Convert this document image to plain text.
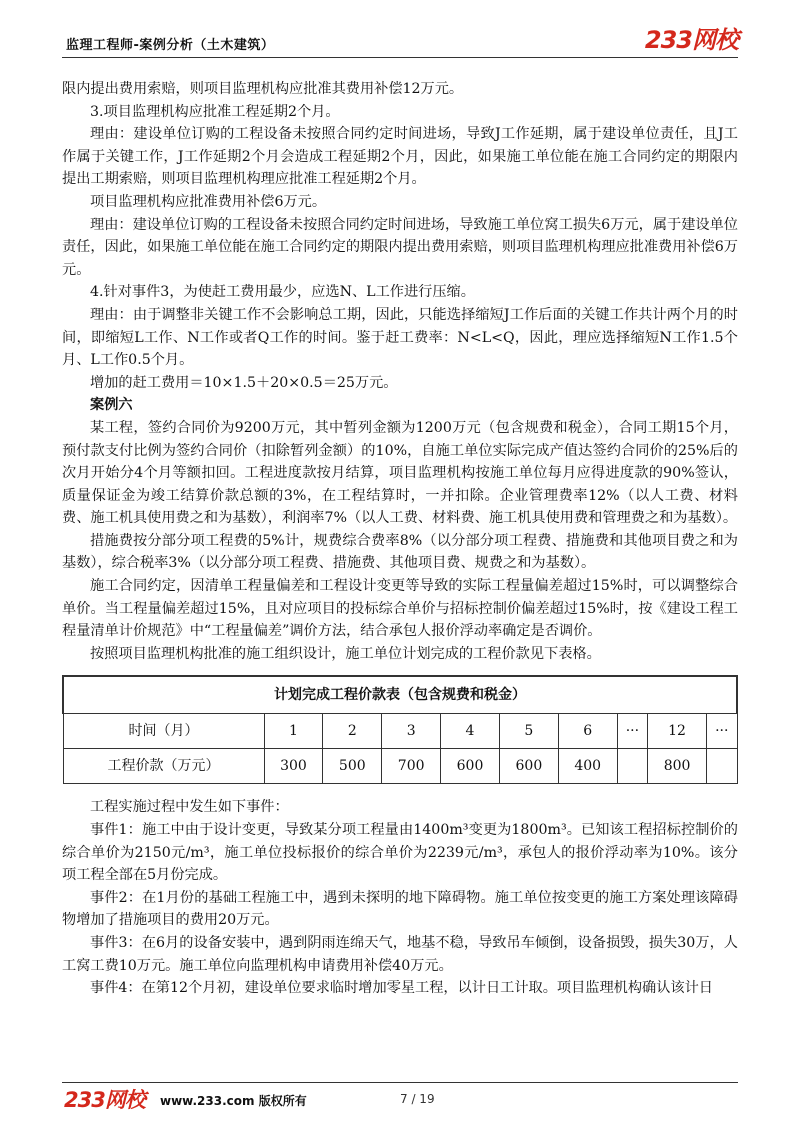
监理工程师-案例分析（土木建筑）	233网校

限内提出费用索赔，则项目监理机构应批准其费用补偿12万元。

3.项目监理机构应批准工程延期2个月。

理由：建设单位订购的工程设备未按照合同约定时间进场，导致J工作延期，属于建设单位责任，且J工作属于关键工作，J工作延期2个月会造成工程延期2个月，因此，如果施工单位能在施工合同约定的期限内提出工期索赔，则项目监理机构理应批准工程延期2个月。

项目监理机构应批准费用补偿6万元。

理由：建设单位订购的工程设备未按照合同约定时间进场，导致施工单位窝工损失6万元，属于建设单位责任，因此，如果施工单位能在施工合同约定的期限内提出费用索赔，则项目监理机构理应批准费用补偿6万元。

4.针对事件3，为使赶工费用最少，应选N、L工作进行压缩。

理由：由于调整非关键工作不会影响总工期，因此，只能选择缩短J工作后面的关键工作共计两个月的时间，即缩短L工作、N工作或者Q工作的时间。鉴于赶工费率：N<L<Q，因此，理应选择缩短N工作1.5个月、L工作0.5个月。

增加的赶工费用＝10×1.5＋20×0.5＝25万元。

案例六

某工程，签约合同价为9200万元，其中暂列金额为1200万元（包含规费和税金），合同工期15个月，预付款支付比例为签约合同价（扣除暂列金额）的10%，自施工单位实际完成产值达签约合同价的25%后的次月开始分4个月等额扣回。工程进度款按月结算，项目监理机构按施工单位每月应得进度款的90%签认，质量保证金为竣工结算价款总额的3%，在工程结算时，一并扣除。企业管理费率12%（以人工费、材料费、施工机具使用费之和为基数），利润率7%（以人工费、材料费、施工机具使用费和管理费之和为基数）。

措施费按分部分项工程费的5%计，规费综合费率8%（以分部分项工程费、措施费和其他项目费之和为基数），综合税率3%（以分部分项工程费、措施费、其他项目费、规费之和为基数）。

施工合同约定，因清单工程量偏差和工程设计变更等导致的实际工程量偏差超过15%时，可以调整综合单价。当工程量偏差超过15%，且对应项目的投标综合单价与招标控制价偏差超过15%时，按《建设工程工程量清单计价规范》中“工程量偏差”调价方法，结合承包人报价浮动率确定是否调价。

按照项目监理机构批准的施工组织设计，施工单位计划完成的工程价款见下表格。

计划完成工程价款表（包含规费和税金）									
时间（月）	1	2	3	4	5	6	···	12	···
工程价款（万元）	300	500	700	600	600	400		800	

工程实施过程中发生如下事件：

事件1：施工中由于设计变更，导致某分项工程量由1400m³变更为1800m³。已知该工程招标控制价的综合单价为2150元/m³，施工单位投标报价的综合单价为2239元/m³，承包人的报价浮动率为10%。该分项工程全部在5月份完成。

事件2：在1月份的基础工程施工中，遇到未探明的地下障碍物。施工单位按变更的施工方案处理该障碍物增加了措施项目的费用20万元。

事件3：在6月的设备安装中，遇到阴雨连绵天气，地基不稳，导致吊车倾倒，设备损毁，损失30万，人工窝工费10万元。施工单位向监理机构申请费用补偿40万元。

事件4：在第12个月初，建设单位要求临时增加零星工程，以计日工计取。项目监理机构确认该计日

233网校 www.233.com 版权所有	7 / 19
